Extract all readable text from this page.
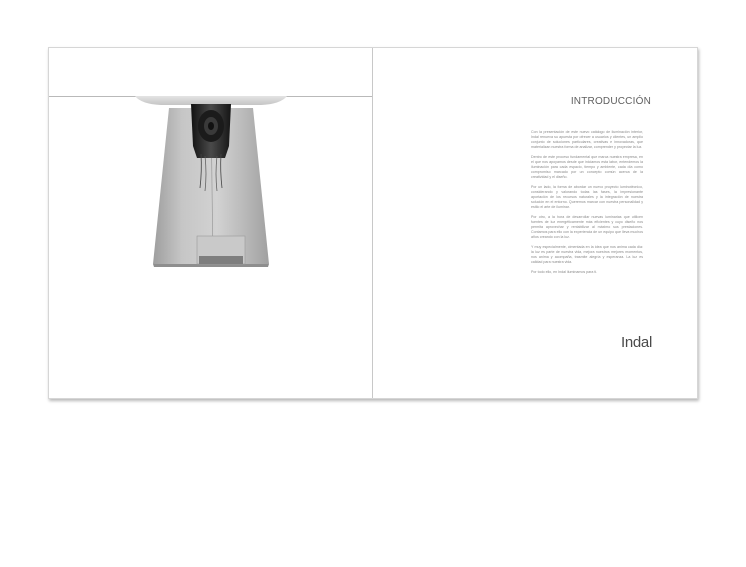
INTRODUCCIÓN

Con la presentación de este nuevo catálogo de iluminación interior, Indal renueva su apuesta por ofrecer a usuarios y clientes, un amplio conjunto de soluciones particulares, creativas e innovadoras, que materializan nuestra forma de analizar, comprender y proyectar la luz.

Dentro de este proceso fundamental que marca nuestra empresa, en el que nos apoyamos desde que iniciamos esta labor, entendemos la iluminación para cada espacio, tiempo y ambiente, cada día como compromiso marcado por un concepto común acerca de la creatividad y el diseño.

Por un lado, la forma de abordar un nuevo proyecto luminotécnico, considerando y valorando todas las fases, la impresionante aportación de los recursos naturales y la integración de nuestra solución en el entorno. Queremos marcar con nuestra personalidad y estilo el arte de iluminar.

Por otro, a la hora de desarrollar nuevas luminarias que utilicen fuentes de luz energéticamente más eficientes y cuyo diseño nos permita aprovechar y rentabilizar al máximo sus prestaciones. Contamos para ello con la experiencia de un equipo que lleva muchos años creando con la luz.

Y muy especialmente, cimentada en la idea que nos anima cada día: la luz es parte de nuestra vida, mejora nuestros mejores momentos, nos anima y acompaña, trasmite alegría y esperanza. La luz es calidad para nuestra vida.

Por todo ello, en Indal iluminamos para ti.

Indal
